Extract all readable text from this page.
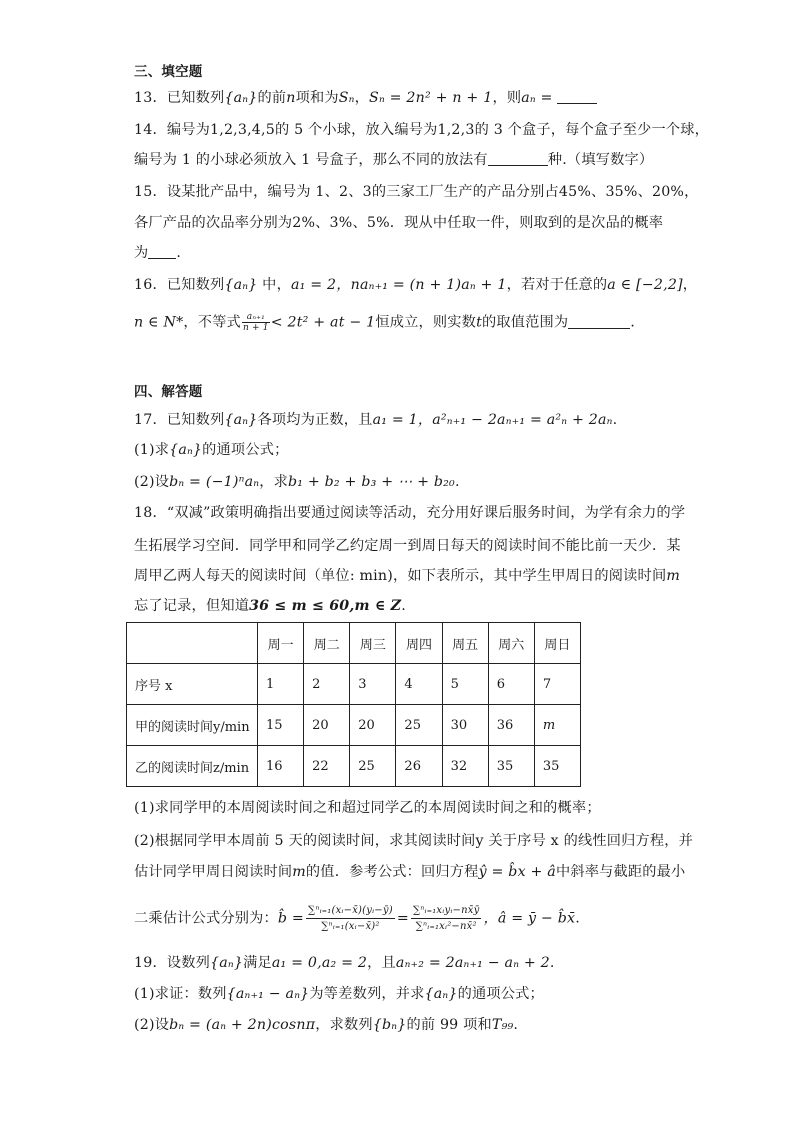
三、填空题
13．已知数列{aₙ}的前n项和为Sₙ，Sₙ = 2n² + n + 1，则aₙ =
14．编号为1,2,3,4,5的 5 个小球，放入编号为1,2,3的 3 个盒子，每个盒子至少一个球，
编号为 1 的小球必须放入 1 号盒子，那么不同的放法有	种.（填写数字）
15．设某批产品中，编号为 1、2、3的三家工厂生产的产品分别占45%、35%、20%，
各厂产品的次品率分别为2%、3%、5%．现从中任取一件，则取到的是次品的概率
为 .
16．已知数列{aₙ} 中，a₁ = 2，naₙ₊₁ = (n + 1)aₙ + 1，若对于任意的a ∈ [−2,2]，
n ∈ N*，不等式 $\frac{\text{aₙ₊₁}}{n + 1} < 2t^2$ + at − 1恒成立，则实数t的取值范围为	．
四、解答题
17．已知数列{aₙ}各项均为正数，且a₁ = 1，a²ₙ₊₁ − 2aₙ₊₁ = a²ₙ + 2aₙ.
(1)求{aₙ}的通项公式；
(2)设bₙ = (−1)ⁿaₙ，求b₁ + b₂ + b₃ + ⋯ + b₂₀.
18．“双减”政策明确指出要通过阅读等活动，充分用好课后服务时间，为学有余力的学
生拓展学习空间．同学甲和同学乙约定周一到周日每天的阅读时间不能比前一天少．某
周甲乙两人每天的阅读时间（单位: min)，如下表所示，其中学生甲周日的阅读时间m
忘了记录，但知道36 ≤ m ≤ 60,m ∈ Z.
	周一	周二	周三	周四	周五	周六	周日
序号 x	1	2	3	4	5	6	7
甲的阅读时间y/min	15	20	20	25	30	36	m
乙的阅读时间z/min	16	22	25	26	32	35	35
(1)求同学甲的本周阅读时间之和超过同学乙的本周阅读时间之和的概率；
(2)根据同学甲本周前 5 天的阅读时间，求其阅读时间y 关于序号 x 的线性回归方程，并
估计同学甲周日阅读时间m的值．参考公式：回归方程ŷ = b̂x + â中斜率与截距的最小
二乘估计公式分别为：b̂ = $\frac{\text{∑ⁿᵢ₌₁(xᵢ−x̄)(yᵢ−ȳ)}}{\text{∑ⁿᵢ₌₁(xᵢ−x̄)²}} = \frac{\text{∑ⁿᵢ₌₁xᵢyᵢ−nx̄ȳ}}{\text{∑ⁿᵢ₌₁xᵢ²−nx̄²}}$ ，â = ȳ − b̂x̄.
19．设数列{aₙ}满足a₁ = 0,a₂ = 2，且aₙ₊₂ = 2aₙ₊₁ − aₙ + 2.
(1)求证：数列{aₙ₊₁ − aₙ}为等差数列，并求{aₙ}的通项公式；
(2)设bₙ = (aₙ + 2n)cosnπ，求数列{bₙ}的前 99 项和T₉₉.
